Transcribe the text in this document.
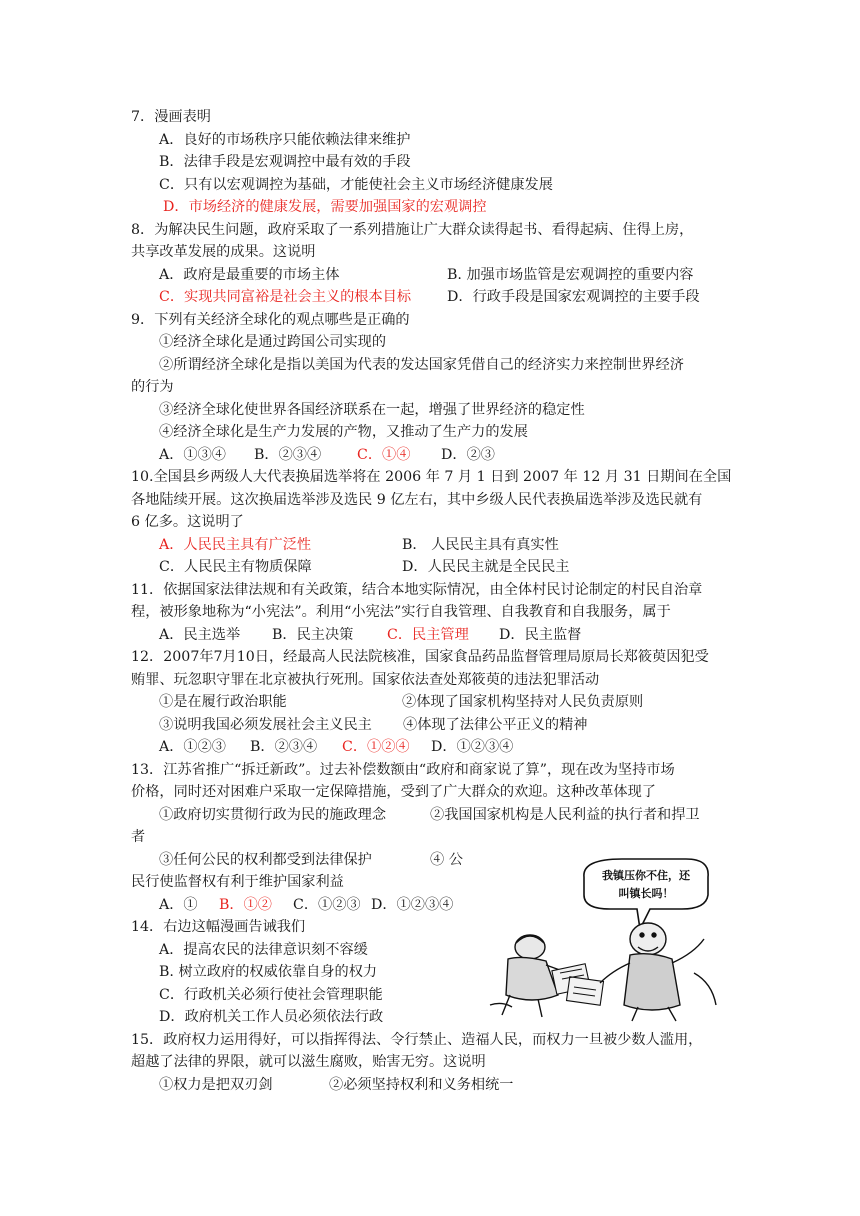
7．漫画表明
A．良好的市场秩序只能依赖法律来维护
B．法律手段是宏观调控中最有效的手段
C．只有以宏观调控为基础，才能使社会主义市场经济健康发展
D．市场经济的健康发展，需要加强国家的宏观调控
8．为解决民生问题，政府采取了一系列措施让广大群众读得起书、看得起病、住得上房，
共享改革发展的成果。这说明
A．政府是最重要的市场主体	B. 加强市场监管是宏观调控的重要内容
C．实现共同富裕是社会主义的根本目标	D．行政手段是国家宏观调控的主要手段
9．下列有关经济全球化的观点哪些是正确的
①经济全球化是通过跨国公司实现的
②所谓经济全球化是指以美国为代表的发达国家凭借自己的经济实力来控制世界经济
的行为
③经济全球化使世界各国经济联系在一起，增强了世界经济的稳定性
④经济全球化是生产力发展的产物，又推动了生产力的发展
A．①③④ B．②③④	C．①④ D．②③
10.全国县乡两级人大代表换届选举将在 2006 年 7 月 1 日到 2007 年 12 月 31 日期间在全国
各地陆续开展。这次换届选举涉及选民 9 亿左右，其中乡级人民代表换届选举涉及选民就有
6 亿多。这说明了
A．人民民主具有广泛性	B． 人民民主具有真实性
C．人民民主有物质保障	D．人民民主就是全民民主
11．依据国家法律法规和有关政策，结合本地实际情况，由全体村民讨论制定的村民自治章
程，被形象地称为“小宪法”。利用“小宪法”实行自我管理、自我教育和自我服务，属于
A．民主选举 B．民主决策 C．民主管理 D．民主监督
12．2007年7月10日，经最高人民法院核准，国家食品药品监督管理局原局长郑筱萸因犯受
贿罪、玩忽职守罪在北京被执行死刑。国家依法查处郑筱萸的违法犯罪活动
①是在履行政治职能	②体现了国家机构坚持对人民负责原则
③说明我国必须发展社会主义民主 ④体现了法律公平正义的精神
A．①②③ B．②③④ C．①②④ D．①②③④
13．江苏省推广“拆迁新政”。过去补偿数额由“政府和商家说了算”，现在改为坚持市场
价格，同时还对困难户采取一定保障措施，受到了广大群众的欢迎。这种改革体现了
①政府切实贯彻行政为民的施政理念	②我国国家机构是人民利益的执行者和捍卫
者
③任何公民的权利都受到法律保护	④ 公
民行使监督权有利于维护国家利益
A．① B．①② C．①②③ D．①②③④
14．右边这幅漫画告诫我们
A．提高农民的法律意识刻不容缓
B. 树立政府的权威依靠自身的权力
C．行政机关必须行使社会管理职能
D．政府机关工作人员必须依法行政
我镇压你不住，还
叫镇长吗！
15．政府权力运用得好，可以指挥得法、令行禁止、造福人民，而权力一旦被少数人滥用，
超越了法律的界限，就可以滋生腐败，贻害无穷。这说明
①权力是把双刃剑	②必须坚持权利和义务相统一
